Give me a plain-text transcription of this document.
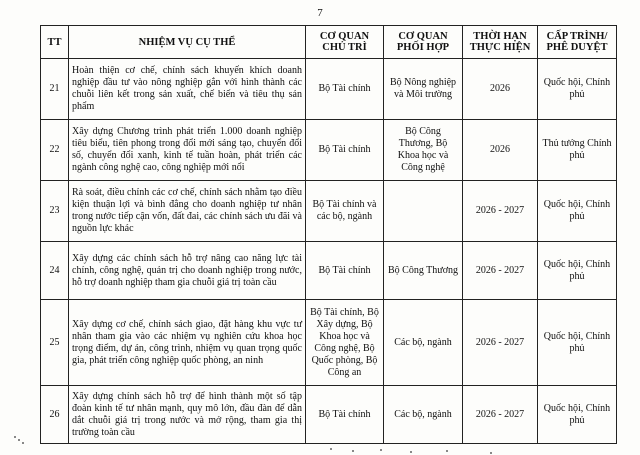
7
TT	NHIỆM VỤ CỤ THỂ	CƠ QUAN CHỦ TRÌ	CƠ QUAN PHỐI HỢP	THỜI HẠN THỰC HIỆN	CẤP TRÌNH/ PHÊ DUYỆT
21	Hoàn thiện cơ chế, chính sách khuyến khích doanh nghiệp đầu tư vào nông nghiệp gắn với hình thành các chuỗi liên kết trong sản xuất, chế biến và tiêu thụ sản phẩm	Bộ Tài chính	Bộ Nông nghiệp và Môi trường	2026	Quốc hội, Chính phủ
22	Xây dựng Chương trình phát triển 1.000 doanh nghiệp tiêu biểu, tiên phong trong đổi mới sáng tạo, chuyển đổi số, chuyển đổi xanh, kinh tế tuần hoàn, phát triển các ngành công nghệ cao, công nghiệp mới nổi	Bộ Tài chính	Bộ Công Thương, Bộ Khoa học và Công nghệ	2026	Thủ tướng Chính phủ
23	Rà soát, điều chỉnh các cơ chế, chính sách nhằm tạo điều kiện thuận lợi và bình đẳng cho doanh nghiệp tư nhân trong nước tiếp cận vốn, đất đai, các chính sách ưu đãi và nguồn lực khác	Bộ Tài chính và các bộ, ngành		2026 - 2027	Quốc hội, Chính phủ
24	Xây dựng các chính sách hỗ trợ nâng cao năng lực tài chính, công nghệ, quản trị cho doanh nghiệp trong nước, hỗ trợ doanh nghiệp tham gia chuỗi giá trị toàn cầu	Bộ Tài chính	Bộ Công Thương	2026 - 2027	Quốc hội, Chính phủ
25	Xây dựng cơ chế, chính sách giao, đặt hàng khu vực tư nhân tham gia vào các nhiệm vụ nghiên cứu khoa học trọng điểm, dự án, công trình, nhiệm vụ quan trọng quốc gia, phát triển công nghiệp quốc phòng, an ninh	Bộ Tài chính, Bộ Xây dựng, Bộ Khoa học và Công nghệ, Bộ Quốc phòng, Bộ Công an	Các bộ, ngành	2026 - 2027	Quốc hội, Chính phủ
26	Xây dựng chính sách hỗ trợ để hình thành một số tập đoàn kinh tế tư nhân mạnh, quy mô lớn, đầu đàn để dẫn dắt chuỗi giá trị trong nước và mở rộng, tham gia thị trường toàn cầu	Bộ Tài chính	Các bộ, ngành	2026 - 2027	Quốc hội, Chính phủ
